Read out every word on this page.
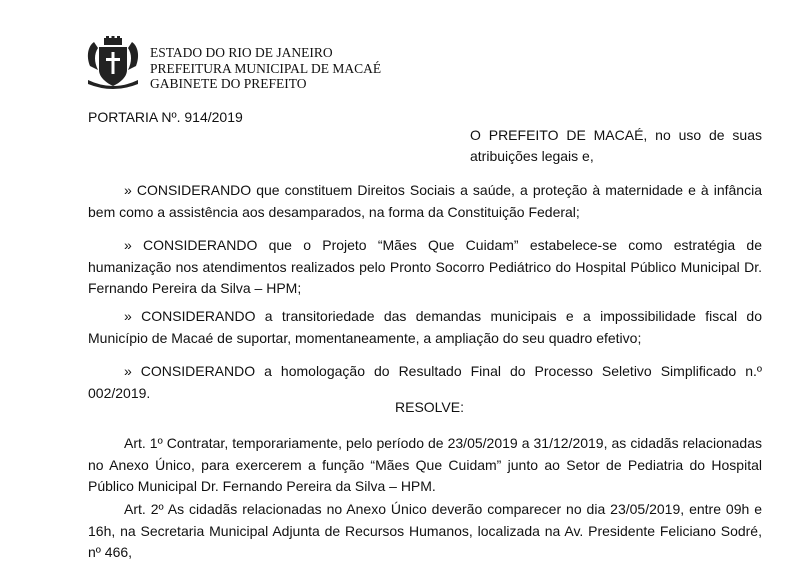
ESTADO DO RIO DE JANEIRO
PREFEITURA MUNICIPAL DE MACAÉ
GABINETE DO PREFEITO
PORTARIA Nº. 914/2019
O PREFEITO DE MACAÉ, no uso de suas atribuições legais e,
» CONSIDERANDO que constituem Direitos Sociais a saúde, a proteção à maternidade e à infância bem como a assistência aos desamparados, na forma da Constituição Federal;
» CONSIDERANDO que o Projeto “Mães Que Cuidam” estabelece-se como estratégia de humanização nos atendimentos realizados pelo Pronto Socorro Pediátrico do Hospital Público Municipal Dr. Fernando Pereira da Silva – HPM;
» CONSIDERANDO a transitoriedade das demandas municipais e a impossibilidade fiscal do Município de Macaé de suportar, momentaneamente, a ampliação do seu quadro efetivo;
» CONSIDERANDO a homologação do Resultado Final do Processo Seletivo Simplificado n.º 002/2019.
RESOLVE:
Art. 1º Contratar, temporariamente, pelo período de 23/05/2019 a 31/12/2019, as cidadãs relacionadas no Anexo Único, para exercerem a função “Mães Que Cuidam” junto ao Setor de Pediatria do Hospital Público Municipal Dr. Fernando Pereira da Silva – HPM.
Art. 2º As cidadãs relacionadas no Anexo Único deverão comparecer no dia 23/05/2019, entre 09h e 16h, na Secretaria Municipal Adjunta de Recursos Humanos, localizada na Av. Presidente Feliciano Sodré, nº 466,
